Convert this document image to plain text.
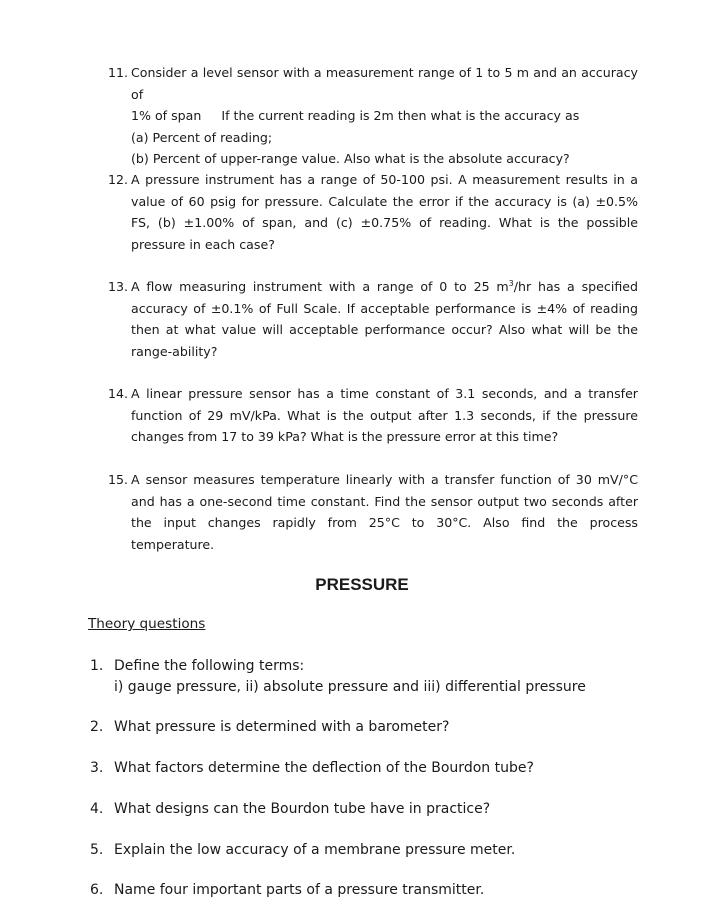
11. Consider a level sensor with a measurement range of 1 to 5 m and an accuracy of
1% of span If the current reading is 2m then what is the accuracy as
(a) Percent of reading;
(b) Percent of upper-range value. Also what is the absolute accuracy?
12. A pressure instrument has a range of 50-100 psi. A measurement results in a value of 60 psig for pressure. Calculate the error if the accuracy is (a) ±0.5% FS, (b) ±1.00% of span, and (c) ±0.75% of reading. What is the possible pressure in each case?
13. A flow measuring instrument with a range of 0 to 25 $m^3/hr$ has a specified accuracy of ±0.1% of Full Scale. If acceptable performance is ±4% of reading then at what value will acceptable performance occur? Also what will be the range-ability?
14. A linear pressure sensor has a time constant of 3.1 seconds, and a transfer function of 29 mV/kPa. What is the output after 1.3 seconds, if the pressure changes from 17 to 39 kPa? What is the pressure error at this time?
15. A sensor measures temperature linearly with a transfer function of 30 mV/°C and has a one-second time constant. Find the sensor output two seconds after the input changes rapidly from 25°C to 30°C. Also find the process temperature.
PRESSURE
Theory questions
1. Define the following terms:
i) gauge pressure, ii) absolute pressure and iii) differential pressure
2. What pressure is determined with a barometer?
3. What factors determine the deflection of the Bourdon tube?
4. What designs can the Bourdon tube have in practice?
5. Explain the low accuracy of a membrane pressure meter.
6. Name four important parts of a pressure transmitter.
